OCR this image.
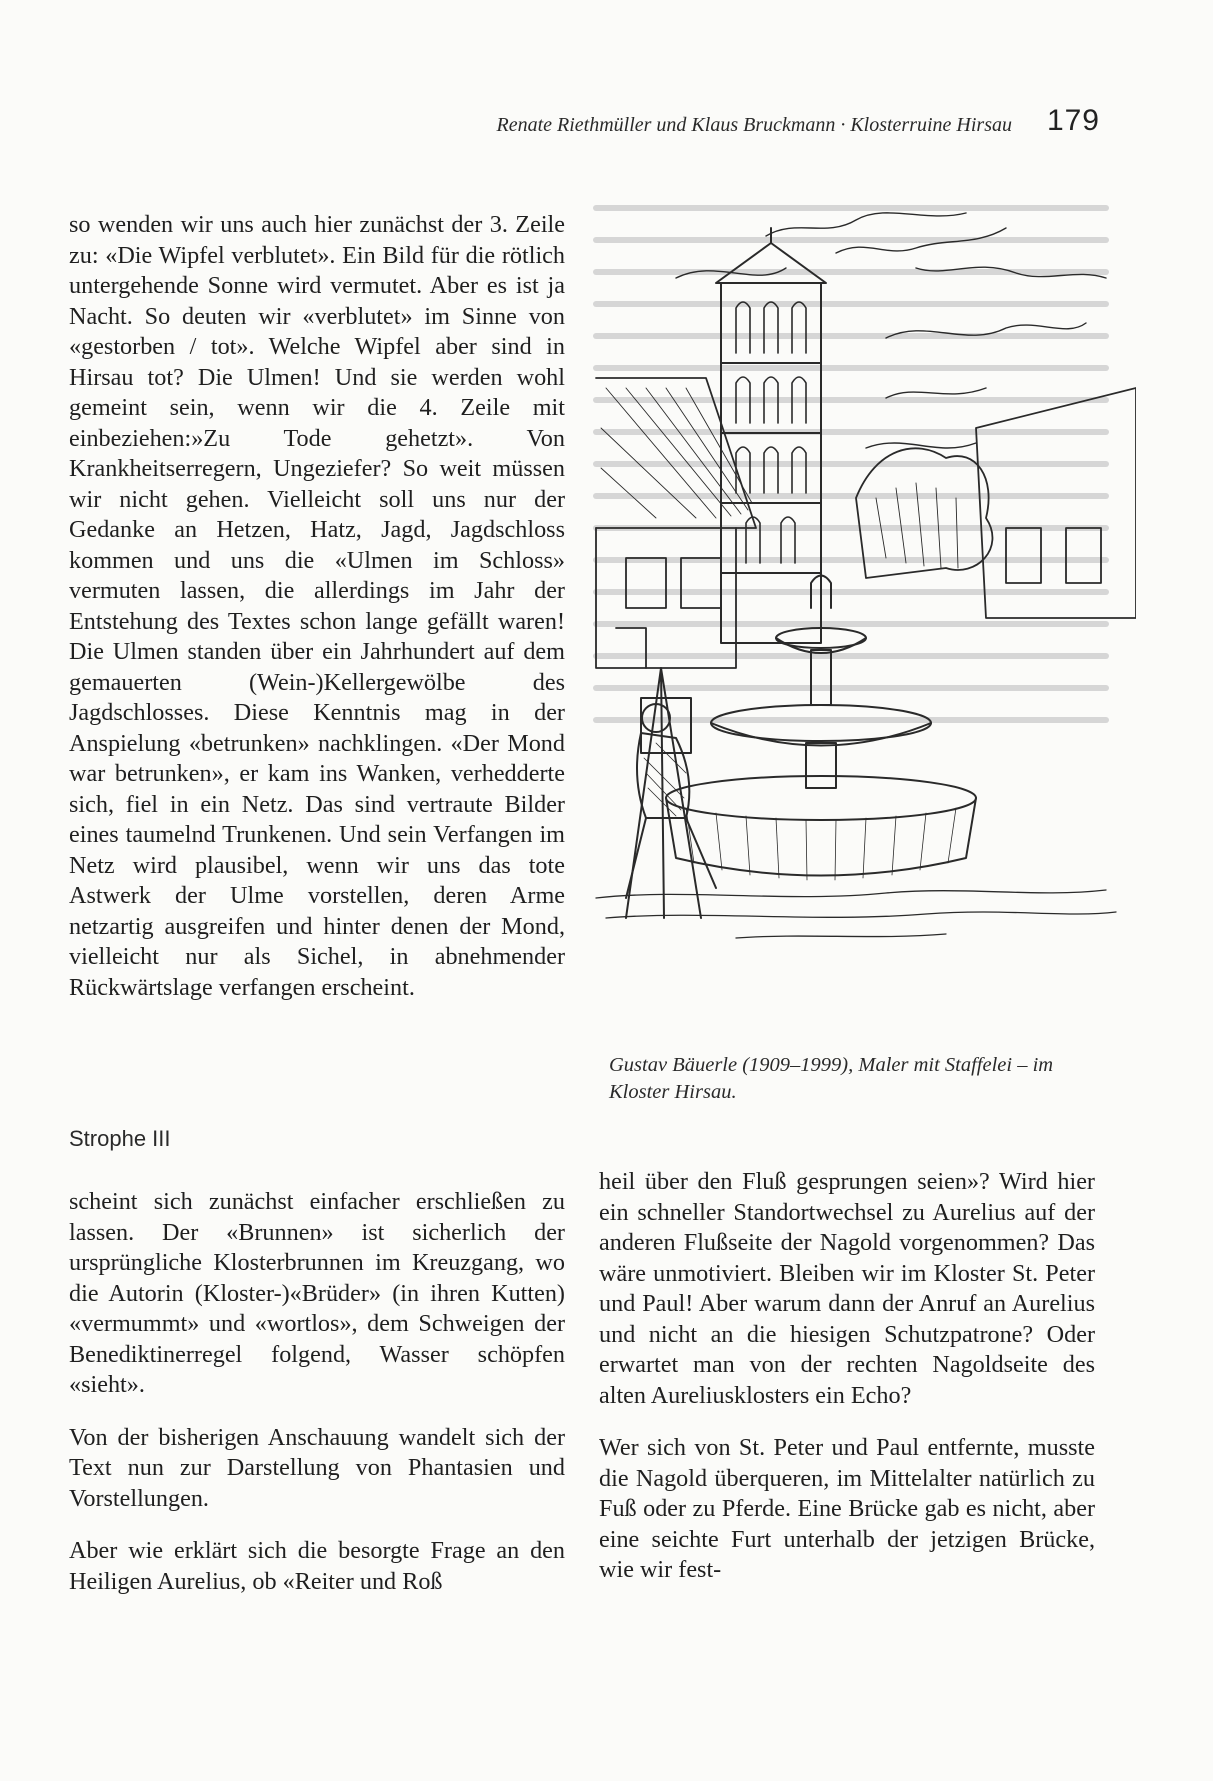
Renate Riethmüller und Klaus Bruckmann · Klosterruine Hirsau 179

so wenden wir uns auch hier zunächst der 3. Zeile zu: «Die Wipfel verblutet». Ein Bild für die rötlich untergehende Sonne wird vermutet. Aber es ist ja Nacht. So deuten wir «verblutet» im Sinne von «gestorben / tot». Welche Wipfel aber sind in Hirsau tot? Die Ulmen! Und sie werden wohl gemeint sein, wenn wir die 4. Zeile mit einbeziehen:»Zu Tode gehetzt». Von Krankheitserregern, Ungeziefer? So weit müssen wir nicht gehen. Vielleicht soll uns nur der Gedanke an Hetzen, Hatz, Jagd, Jagdschloss kommen und uns die «Ulmen im Schloss» vermuten lassen, die allerdings im Jahr der Entstehung des Textes schon lange gefällt waren! Die Ulmen standen über ein Jahrhundert auf dem gemauerten (Wein-)Kellergewölbe des Jagdschlosses. Diese Kenntnis mag in der Anspielung «betrunken» nachklingen. «Der Mond war betrunken», er kam ins Wanken, verhedderte sich, fiel in ein Netz. Das sind vertraute Bilder eines taumelnd Trunkenen. Und sein Verfangen im Netz wird plausibel, wenn wir uns das tote Astwerk der Ulme vorstellen, deren Arme netzartig ausgreifen und hinter denen der Mond, vielleicht nur als Sichel, in abnehmender Rückwärtslage verfangen erscheint.

Strophe III

scheint sich zunächst einfacher erschließen zu lassen. Der «Brunnen» ist sicherlich der ursprüngliche Klosterbrunnen im Kreuzgang, wo die Autorin (Kloster-)«Brüder» (in ihren Kutten) «vermummt» und «wortlos», dem Schweigen der Benediktinerregel folgend, Wasser schöpfen «sieht».

Von der bisherigen Anschauung wandelt sich der Text nun zur Darstellung von Phantasien und Vorstellungen.

Aber wie erklärt sich die besorgte Frage an den Heiligen Aurelius, ob «Reiter und Roß

Gustav Bäuerle (1909–1999), Maler mit Staffelei – im Kloster Hirsau.

heil über den Fluß gesprungen seien»? Wird hier ein schneller Standortwechsel zu Aurelius auf der anderen Flußseite der Nagold vorgenommen? Das wäre unmotiviert. Bleiben wir im Kloster St. Peter und Paul! Aber warum dann der Anruf an Aurelius und nicht an die hiesigen Schutzpatrone? Oder erwartet man von der rechten Nagoldseite des alten Aureliusklosters ein Echo?

Wer sich von St. Peter und Paul entfernte, musste die Nagold überqueren, im Mittelalter natürlich zu Fuß oder zu Pferde. Eine Brücke gab es nicht, aber eine seichte Furt unterhalb der jetzigen Brücke, wie wir fest-
